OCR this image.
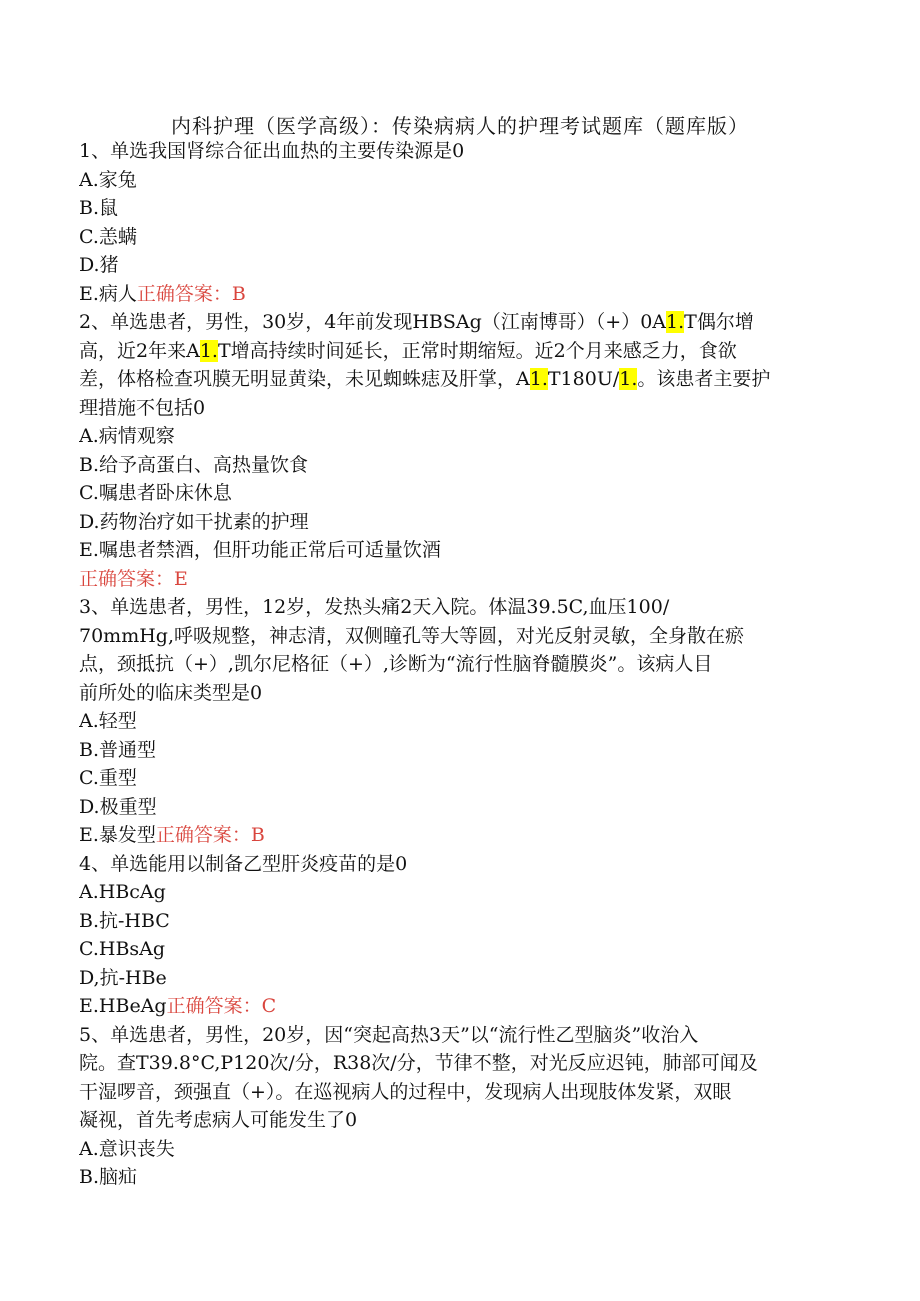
内科护理（医学高级）：传染病病人的护理考试题库（题库版）
1、单选我国肾综合征出血热的主要传染源是0
A.家兔
B.鼠
C.恙螨
D.猪
E.病人正确答案：B
2、单选患者，男性，30岁，4年前发现HBSAg（江南博哥）（+）0A1.T偶尔增
高，近2年来A1.T增高持续时间延长，正常时期缩短。近2个月来感乏力，食欲
差，体格检查巩膜无明显黄染，未见蜘蛛痣及肝掌，A1.T180U/1.。该患者主要护
理措施不包括0
A.病情观察
B.给予高蛋白、高热量饮食
C.嘱患者卧床休息
D.药物治疗如干扰素的护理
E.嘱患者禁酒，但肝功能正常后可适量饮酒
正确答案：E
3、单选患者，男性，12岁，发热头痛2天入院。体温39.5C,血压100/
70mmHg,呼吸规整，神志清，双侧瞳孔等大等圆，对光反射灵敏，全身散在瘀
点，颈抵抗（+）,凯尔尼格征（+）,诊断为“流行性脑脊髓膜炎”。该病人目
前所处的临床类型是0
A.轻型
B.普通型
C.重型
D.极重型
E.暴发型正确答案：B
4、单选能用以制备乙型肝炎疫苗的是0
A.HBcAg
B.抗-HBC
C.HBsAg
D,抗-HBe
E.HBeAg正确答案：C
5、单选患者，男性，20岁，因“突起高热3天”以“流行性乙型脑炎”收治入
院。查T39.8°C,P120次/分，R38次/分，节律不整，对光反应迟钝，肺部可闻及
干湿啰音，颈强直（+）。在巡视病人的过程中，发现病人出现肢体发紧，双眼
凝视，首先考虑病人可能发生了0
A.意识丧失
B.脑疝
